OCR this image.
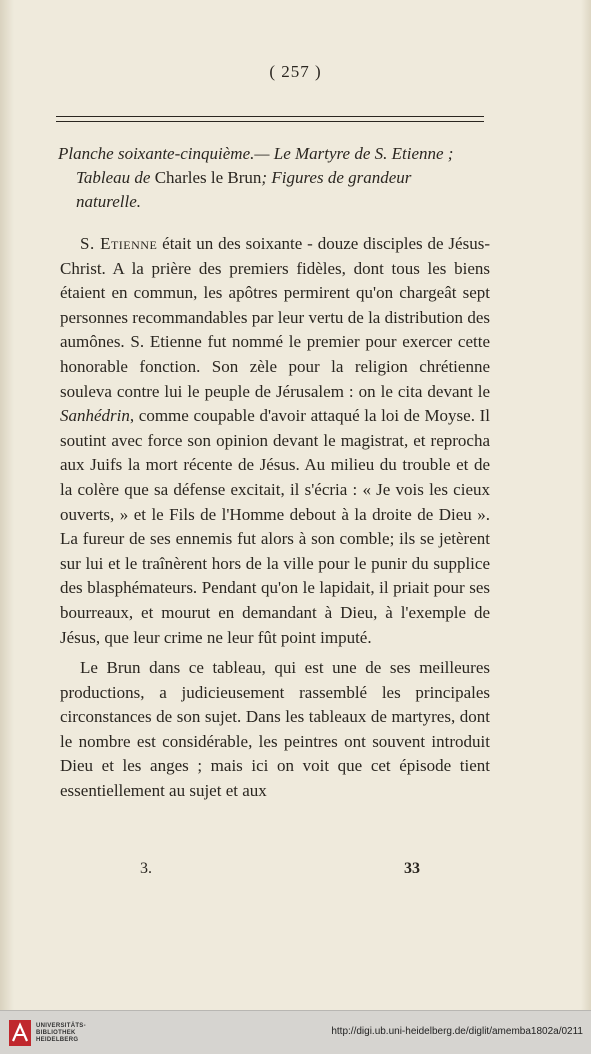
( 257 )
Planche soixante-cinquième.— Le Martyre de S. Etienne ;
Tableau de Charles le Brun; Figures de grandeur
naturelle.

S. Etienne était un des soixante - douze disciples de Jésus-Christ. A la prière des premiers fidèles, dont tous les biens étaient en commun, les apôtres permirent qu'on chargeât sept personnes recommandables par leur vertu de la distribution des aumônes. S. Etienne fut nommé le premier pour exercer cette honorable fonction. Son zèle pour la religion chrétienne souleva contre lui le peuple de Jérusalem : on le cita devant le Sanhédrin, comme coupable d'avoir attaqué la loi de Moyse. Il soutint avec force son opinion devant le magistrat, et reprocha aux Juifs la mort récente de Jésus. Au milieu du trouble et de la colère que sa défense excitait, il s'écria : « Je vois les cieux ouverts, » et le Fils de l'Homme debout à la droite de Dieu ». La fureur de ses ennemis fut alors à son comble; ils se jetèrent sur lui et le traînèrent hors de la ville pour le punir du supplice des blasphémateurs. Pendant qu'on le lapidait, il priait pour ses bourreaux, et mourut en demandant à Dieu, à l'exemple de Jésus, que leur crime ne leur fût point imputé.

Le Brun dans ce tableau, qui est une de ses meilleures productions, a judicieusement rassemblé les principales circonstances de son sujet. Dans les tableaux de martyres, dont le nombre est considérable, les peintres ont souvent introduit Dieu et les anges ; mais ici on voit que cet épisode tient essentiellement au sujet et aux

3.	33
UNIVERSITÄTS-
BIBLIOTHEK
HEIDELBERG
http://digi.ub.uni-heidelberg.de/diglit/amemba1802a/0211
